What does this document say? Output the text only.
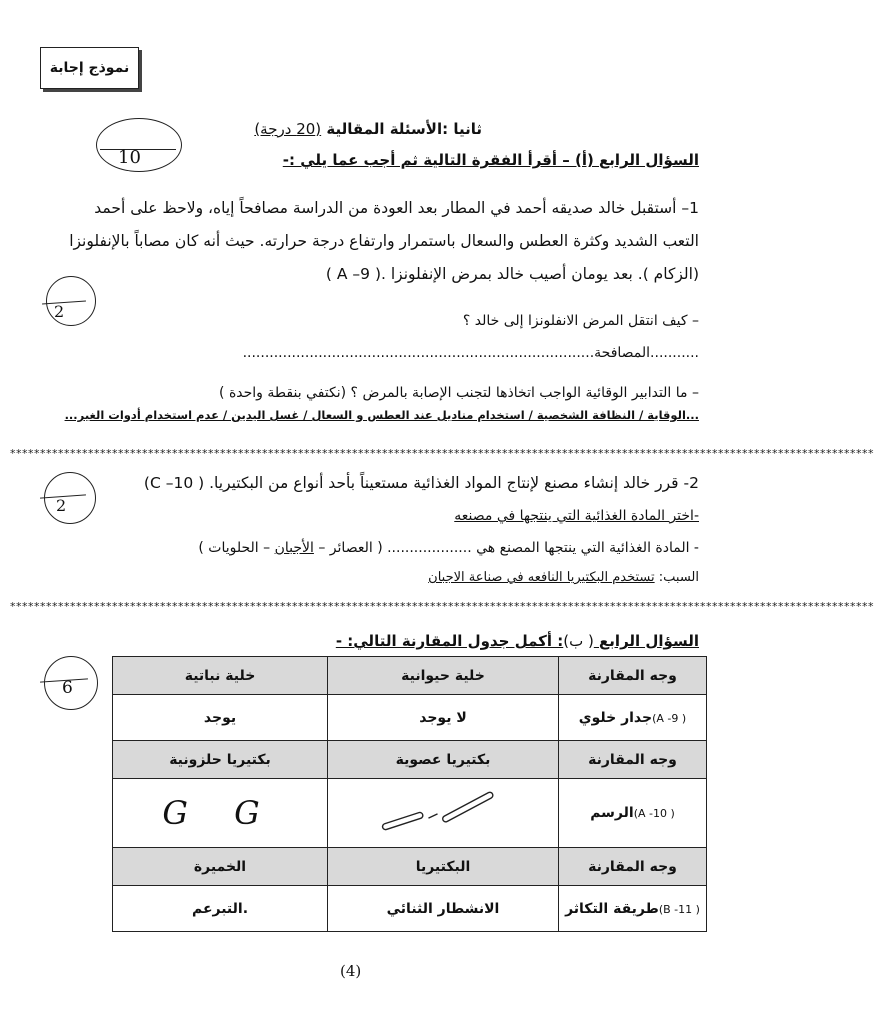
نموذج إجابة
ثانيا :الأسئلة المقالية (20 درجة)
10	السؤال الرابع (أ) – أقرأ الفقرة التالية ثم أجب عما يلي :-
1– أستقبل خالد صديقه أحمد في المطار بعد العودة من الدراسة مصافحاً إياه، ولاحظ على أحمد
التعب الشديد وكثرة العطس والسعال باستمرار وارتفاع درجة حرارته. حيث أنه كان مصاباً بالإنفلونزا
(الزكام ). بعد يومان أصيب خالد بمرض الإنفلونزا .( 9– A )
2	– كيف انتقل المرض الانفلونزا إلى خالد ؟
...........المصافحة...............................................................................
– ما التدابير الوقائية الواجب اتخاذها لتجنب الإصابة بالمرض ؟ (نكتفي بنقطة واحدة )
...الوقاية / النظافة الشخصية / استخدام مناديل عند العطس و السعال / غسل اليدين / عدم استخدام أدوات الغير...
************************************************************************************************************************************************
2- قرر خالد إنشاء مصنع لإنتاج المواد الغذائية مستعيناً بأحد أنواع من البكتيريا. ( 10– C)
2
-اختر المادة الغذائية التي ينتجها في مصنعه
- المادة الغذائية التي ينتجها المصنع هي ................... ( العصائر – الأجبان – الحلويات )
السبب: تستخدم البكتيريا النافعه في صناعة الاجبان
************************************************************************************************************************************************
السؤال الرابع ( ب): أكمل جدول المقارنة التالي: -
6
وجه المقارنة	خلية حيوانية	خلية نباتية
( 9- A)جدار خلوي	لا يوجد	يوجد
وجه المقارنة	بكتيريا عصوية	بكتيريا حلزونية
( 10- A)الرسم		G G
وجه المقارنة	البكتيريا	الخميرة
( 11- B)طريقة التكاثر	الانشطار الثنائي	.التبرعم
(4)
